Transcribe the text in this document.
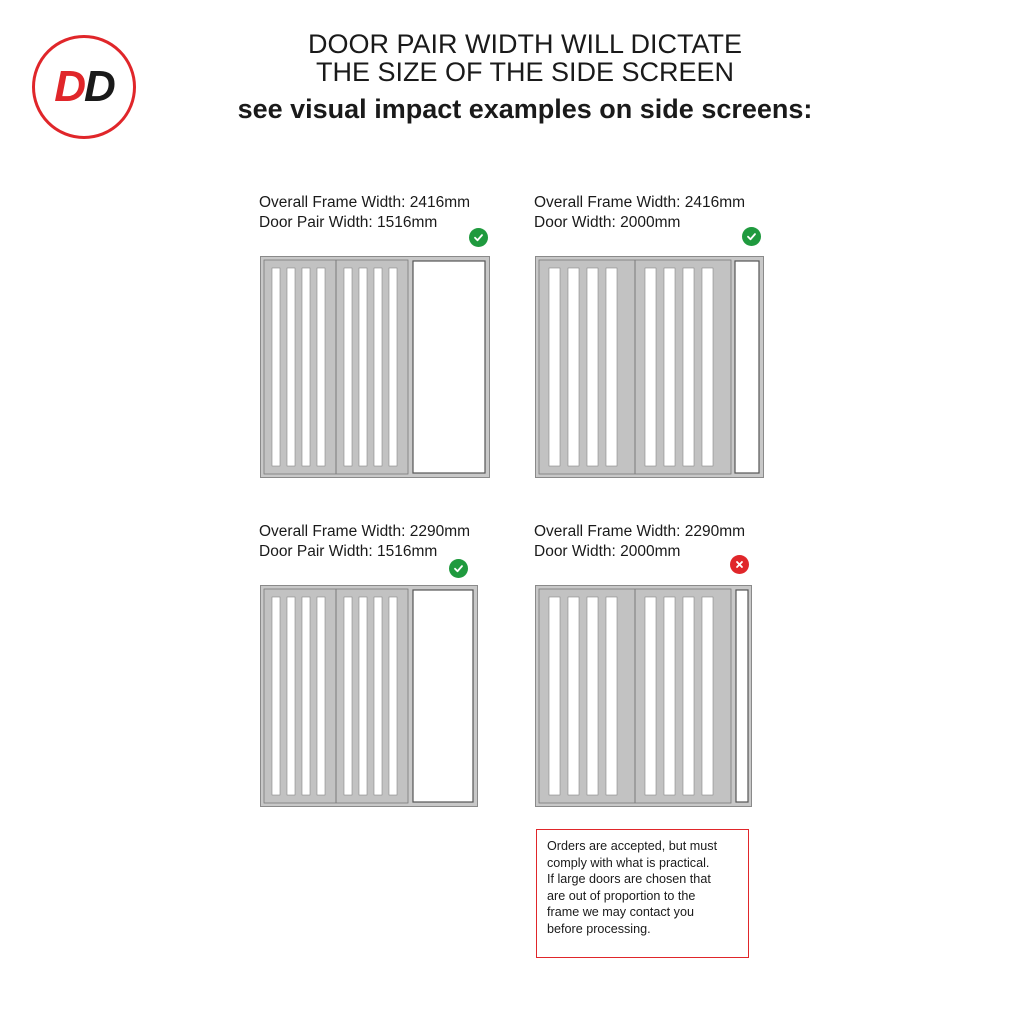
DD
DOOR PAIR WIDTH WILL DICTATE
THE SIZE OF THE SIDE SCREEN
see visual impact examples on side screens:
Overall Frame Width: 2416mm
Door Pair Width: 1516mm
Overall Frame Width: 2416mm
Door Width: 2000mm
Overall Frame Width: 2290mm
Door Pair Width: 1516mm
Overall Frame Width: 2290mm
Door Width: 2000mm
Orders are accepted, but must
comply with what is practical.
If large doors are chosen that
are out of proportion to the
frame we may contact you
before processing.
